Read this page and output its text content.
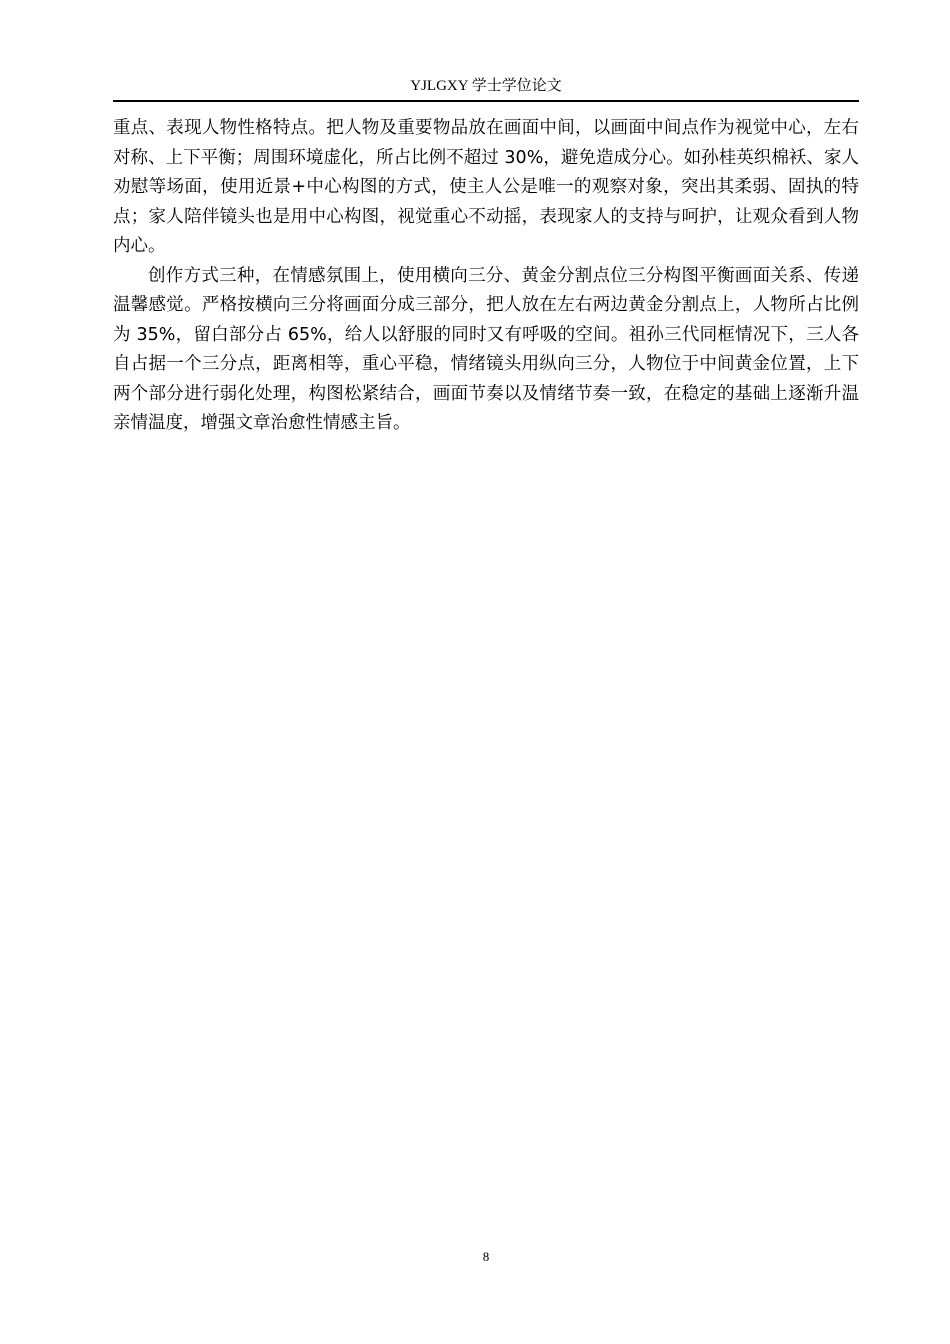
YJLGXY 学士学位论文

重点、表现人物性格特点。把人物及重要物品放在画面中间，以画面中间点作为视觉中心，左右对称、上下平衡；周围环境虚化，所占比例不超过 30%，避免造成分心。如孙桂英织棉袄、家人劝慰等场面，使用近景+中心构图的方式，使主人公是唯一的观察对象，突出其柔弱、固执的特点；家人陪伴镜头也是用中心构图，视觉重心不动摇，表现家人的支持与呵护，让观众看到人物内心。

创作方式三种，在情感氛围上，使用横向三分、黄金分割点位三分构图平衡画面关系、传递温馨感觉。严格按横向三分将画面分成三部分，把人放在左右两边黄金分割点上，人物所占比例为 35%，留白部分占 65%，给人以舒服的同时又有呼吸的空间。祖孙三代同框情况下，三人各自占据一个三分点，距离相等，重心平稳，情绪镜头用纵向三分，人物位于中间黄金位置，上下两个部分进行弱化处理，构图松紧结合，画面节奏以及情绪节奏一致，在稳定的基础上逐渐升温亲情温度，增强文章治愈性情感主旨。

8
